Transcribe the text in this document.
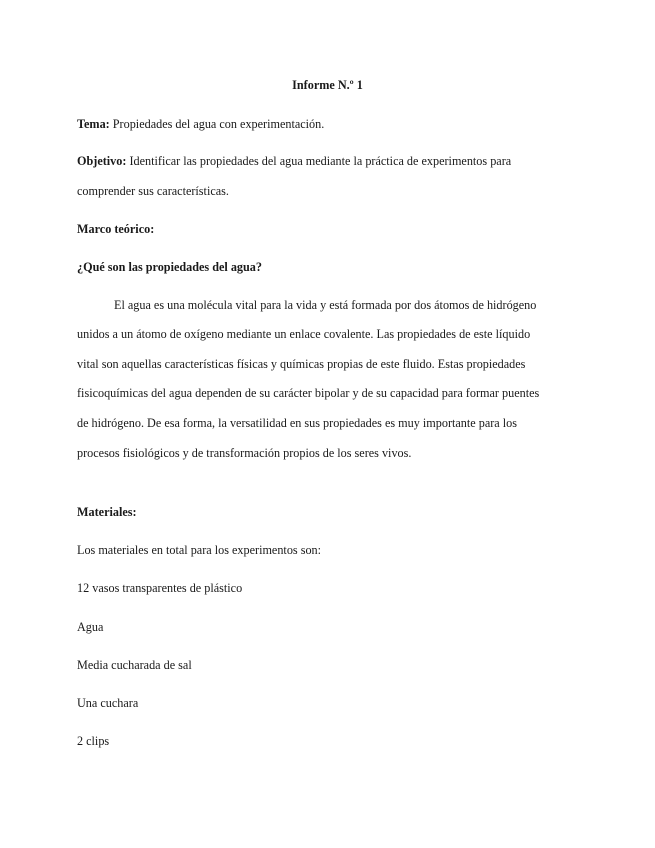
Informe N.º 1
Tema: Propiedades del agua con experimentación.
Objetivo: Identificar las propiedades del agua mediante la práctica de experimentos para
comprender sus características.
Marco teórico:
¿Qué son las propiedades del agua?
El agua es una molécula vital para la vida y está formada por dos átomos de hidrógeno
unidos a un átomo de oxígeno mediante un enlace covalente. Las propiedades de este líquido
vital son aquellas características físicas y químicas propias de este fluido. Estas propiedades
fisicoquímicas del agua dependen de su carácter bipolar y de su capacidad para formar puentes
de hidrógeno. De esa forma, la versatilidad en sus propiedades es muy importante para los
procesos fisiológicos y de transformación propios de los seres vivos.
Materiales:
Los materiales en total para los experimentos son:
12 vasos transparentes de plástico
Agua
Media cucharada de sal
Una cuchara
2 clips
